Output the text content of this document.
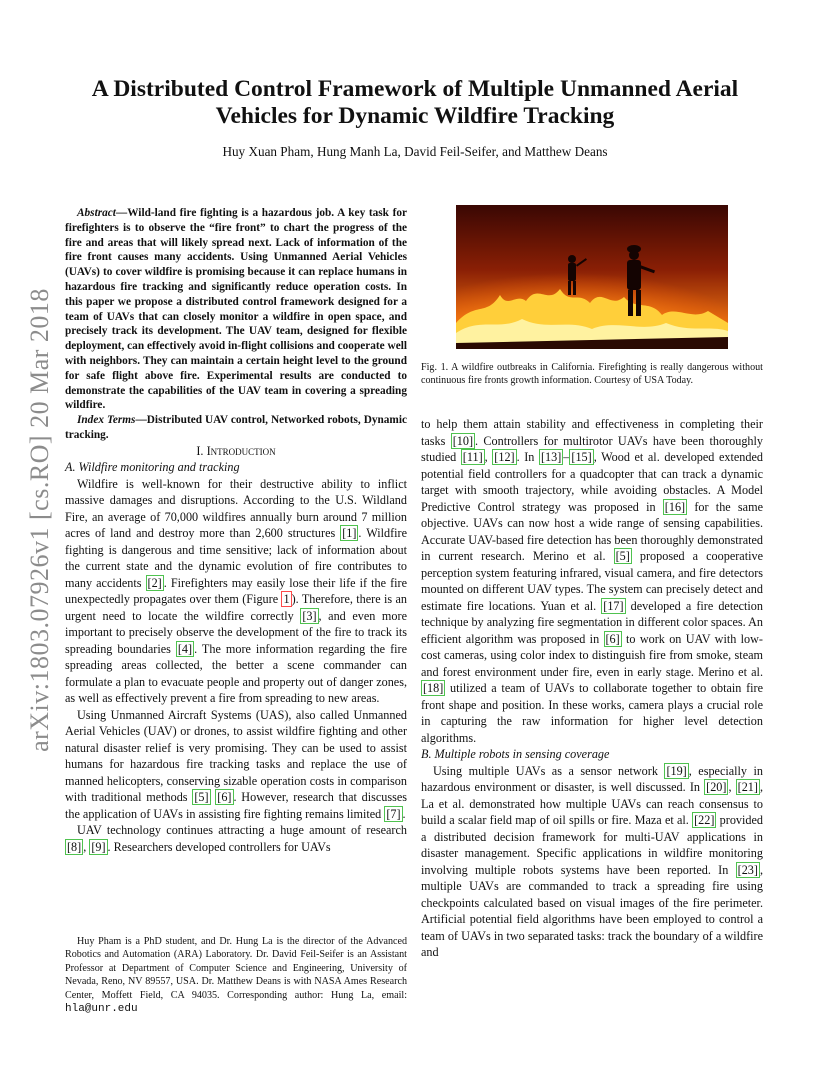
arXiv:1803.07926v1 [cs.RO] 20 Mar 2018
A Distributed Control Framework of Multiple Unmanned Aerial Vehicles for Dynamic Wildfire Tracking
Huy Xuan Pham, Hung Manh La, David Feil-Seifer, and Matthew Deans

Abstract—Wild-land fire fighting is a hazardous job. A key task for firefighters is to observe the “fire front” to chart the progress of the fire and areas that will likely spread next. Lack of information of the fire front causes many accidents. Using Unmanned Aerial Vehicles (UAVs) to cover wildfire is promising because it can replace humans in hazardous fire tracking and significantly reduce operation costs. In this paper we propose a distributed control framework designed for a team of UAVs that can closely monitor a wildfire in open space, and precisely track its development. The UAV team, designed for flexible deployment, can effectively avoid in-flight collisions and cooperate well with neighbors. They can maintain a certain height level to the ground for safe flight above fire. Experimental results are conducted to demonstrate the capabilities of the UAV team in covering a spreading wildfire.

Index Terms—Distributed UAV control, Networked robots, Dynamic tracking.

I. Introduction

A. Wildfire monitoring and tracking

Wildfire is well-known for their destructive ability to inflict massive damages and disruptions. According to the U.S. Wildland Fire, an average of 70,000 wildfires annually burn around 7 million acres of land and destroy more than 2,600 structures [1] . Wildfire fighting is dangerous and time sensitive; lack of information about the current state and the dynamic evolution of fire contributes to many accidents [2] . Firefighters may easily lose their life if the fire unexpectedly propagates over them (Figure 1 ). Therefore, there is an urgent need to locate the wildfire correctly [3] , and even more important to precisely observe the development of the fire to track its spreading boundaries [4] . The more information regarding the fire spreading areas collected, the better a scene commander can formulate a plan to evacuate people and property out of danger zones, as well as effectively prevent a fire from spreading to new areas.

Using Unmanned Aircraft Systems (UAS), also called Unmanned Aerial Vehicles (UAV) or drones, to assist wildfire fighting and other natural disaster relief is very promising. They can be used to assist humans for hazardous fire tracking tasks and replace the use of manned helicopters, conserving sizable operation costs in comparison with traditional methods [5] [6] . However, research that discusses the application of UAVs in assisting fire fighting remains limited [7] .

UAV technology continues attracting a huge amount of research [8] , [9] . Researchers developed controllers for UAVs

Huy Pham is a PhD student, and Dr. Hung La is the director of the Advanced Robotics and Automation (ARA) Laboratory. Dr. David Feil-Seifer is an Assistant Professor at Department of Computer Science and Engineering, University of Nevada, Reno, NV 89557, USA. Dr. Matthew Deans is with NASA Ames Research Center, Moffett Field, CA 94035. Corresponding author: Hung La, email: hla@unr.edu

Fig. 1. A wildfire outbreaks in California. Firefighting is really dangerous without continuous fire fronts growth information. Courtesy of USA Today.

to help them attain stability and effectiveness in completing their tasks [10] . Controllers for multirotor UAVs have been thoroughly studied [11] , [12] . In [13] – [15] , Wood et al. developed extended potential field controllers for a quadcopter that can track a dynamic target with smooth trajectory, while avoiding obstacles. A Model Predictive Control strategy was proposed in [16] for the same objective. UAVs can now host a wide range of sensing capabilities. Accurate UAV-based fire detection has been thoroughly demonstrated in current research. Merino et al. [5] proposed a cooperative perception system featuring infrared, visual camera, and fire detectors mounted on different UAV types. The system can precisely detect and estimate fire locations. Yuan et al. [17] developed a fire detection technique by analyzing fire segmentation in different color spaces. An efficient algorithm was proposed in [6] to work on UAV with low-cost cameras, using color index to distinguish fire from smoke, steam and forest environment under fire, even in early stage. Merino et al. [18] utilized a team of UAVs to collaborate together to obtain fire front shape and position. In these works, camera plays a crucial role in capturing the raw information for higher level detection algorithms.

B. Multiple robots in sensing coverage

Using multiple UAVs as a sensor network [19] , especially in hazardous environment or disaster, is well discussed. In [20] , [21] , La et al. demonstrated how multiple UAVs can reach consensus to build a scalar field map of oil spills or fire. Maza et al. [22] provided a distributed decision framework for multi-UAV applications in disaster management. Specific applications in wildfire monitoring involving multiple robots systems have been reported. In [23] , multiple UAVs are commanded to track a spreading fire using checkpoints calculated based on visual images of the fire perimeter. Artificial potential field algorithms have been employed to control a team of UAVs in two separated tasks: track the boundary of a wildfire and
